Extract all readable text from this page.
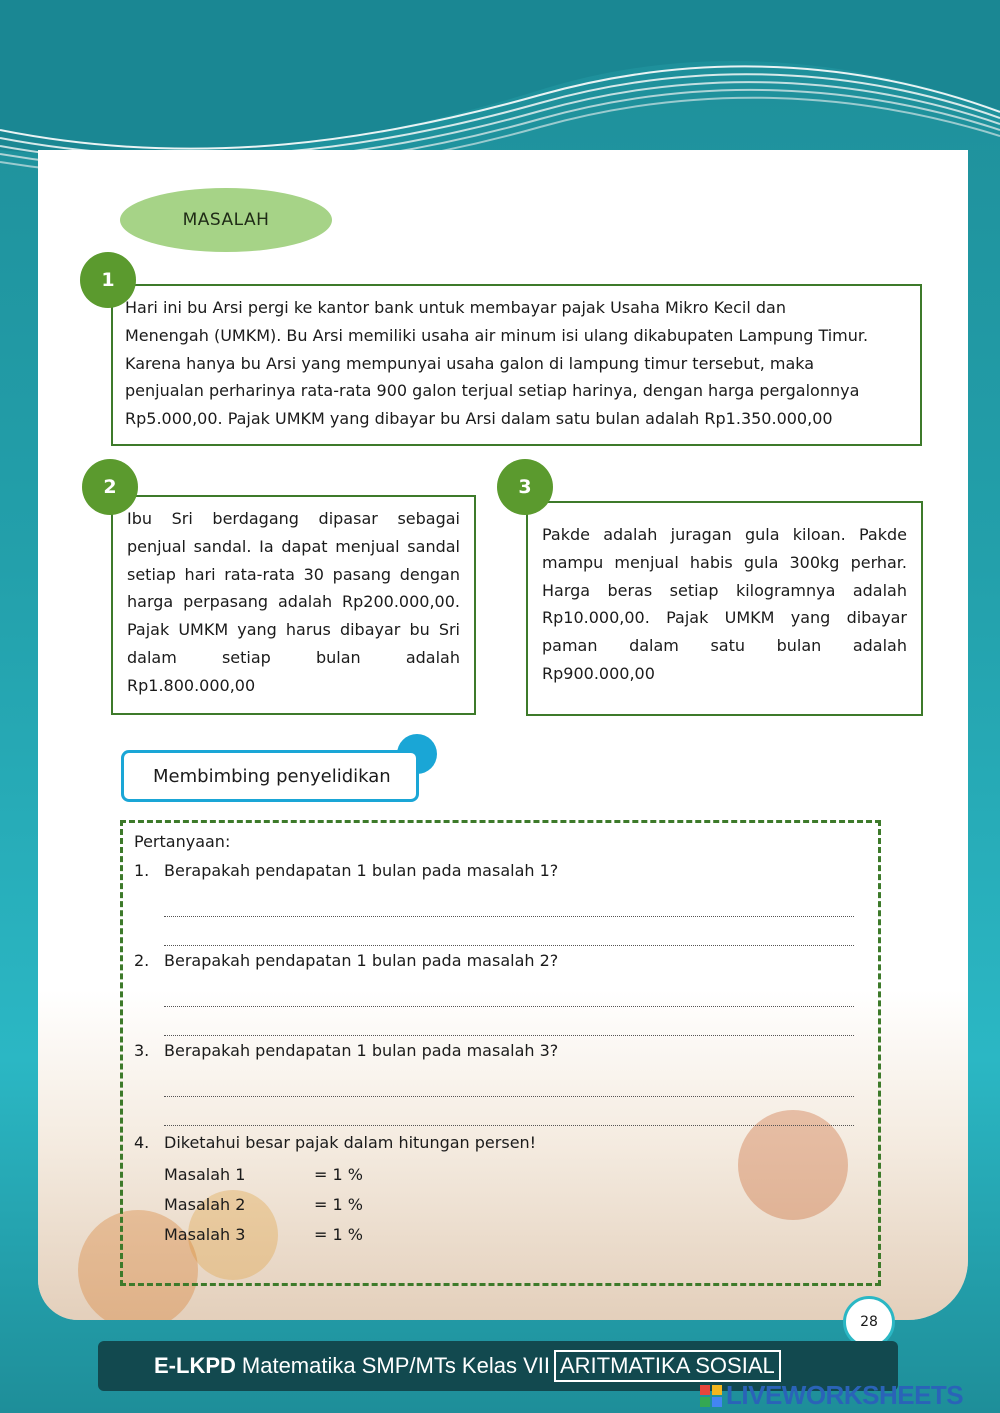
MASALAH
Hari ini bu Arsi pergi ke kantor bank untuk membayar pajak Usaha Mikro Kecil dan
Menengah (UMKM). Bu Arsi memiliki usaha air minum isi ulang dikabupaten Lampung Timur.
Karena hanya bu Arsi yang mempunyai usaha galon di lampung timur tersebut, maka
penjualan perharinya rata-rata 900 galon terjual setiap harinya, dengan harga pergalonnya
Rp5.000,00. Pajak UMKM yang dibayar bu Arsi dalam satu bulan adalah Rp1.350.000,00
1
Ibu Sri berdagang dipasar sebagai penjual sandal. Ia dapat menjual sandal setiap hari rata-rata 30 pasang dengan harga perpasang adalah Rp200.000,00. Pajak UMKM yang harus dibayar bu Sri dalam setiap bulan adalah Rp1.800.000,00
2
Pakde adalah juragan gula kiloan. Pakde mampu menjual habis gula 300kg perhar. Harga beras setiap kilogramnya adalah Rp10.000,00. Pajak UMKM yang dibayar paman dalam satu bulan adalah Rp900.000,00
3
Membimbing penyelidikan
Pertanyaan:
1. Berapakah pendapatan 1 bulan pada masalah 1?
2. Berapakah pendapatan 1 bulan pada masalah 2?
3. Berapakah pendapatan 1 bulan pada masalah 3?
4. Diketahui besar pajak dalam hitungan persen!
Masalah 1	= 1 %
Masalah 2	= 1 %
Masalah 3	= 1 %
28
E-LKPD Matematika SMP/MTs Kelas VII ARITMATIKA SOSIAL
LIVEWORKSHEETS
